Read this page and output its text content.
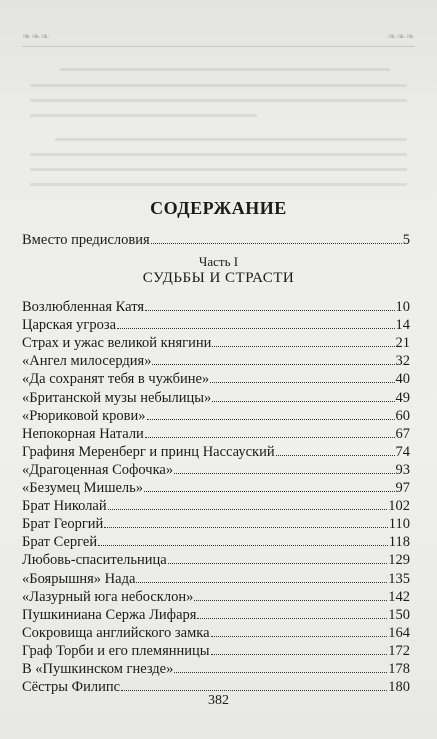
❧❧❧	❧❧❧
СОДЕРЖАНИЕ
Вместо предисловия	5
Часть I
СУДЬБЫ И СТРАСТИ
Возлюбленная Катя	10
Царская угроза	14
Страх и ужас великой княгини	21
«Ангел милосердия»	32
«Да сохранят тебя в чужбине»	40
«Британской музы небылицы»	49
«Рюриковой крови»	60
Непокорная Натали	67
Графиня Меренберг и принц Нассауский	74
«Драгоценная Софочка»	93
«Безумец Мишель»	97
Брат Николай	102
Брат Георгий	110
Брат Сергей	118
Любовь-спасительница	129
«Боярышня» Нада	135
«Лазурный юга небосклон»	142
Пушкиниана Сержа Лифаря	150
Сокровища английского замка	164
Граф Торби и его племянницы	172
В «Пушкинском гнезде»	178
Сёстры Филипс	180
382
